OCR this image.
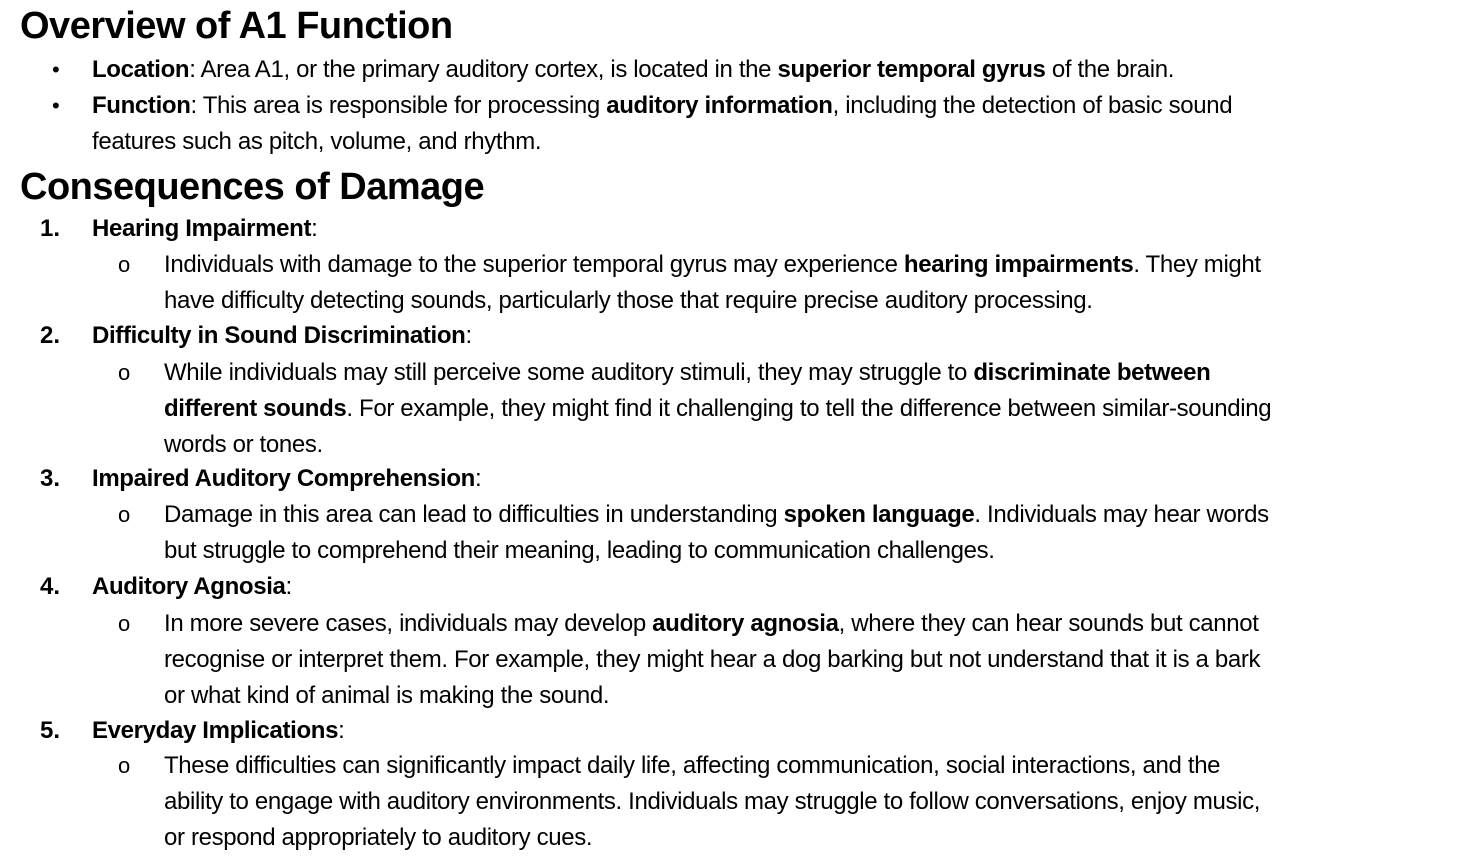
Overview of A1 Function
• Location: Area A1, or the primary auditory cortex, is located in the superior temporal gyrus of the brain.
• Function: This area is responsible for processing auditory information, including the detection of basic sound
features such as pitch, volume, and rhythm.
Consequences of Damage
1. Hearing Impairment:
o Individuals with damage to the superior temporal gyrus may experience hearing impairments. They might
have difficulty detecting sounds, particularly those that require precise auditory processing.
2. Difficulty in Sound Discrimination:
o While individuals may still perceive some auditory stimuli, they may struggle to discriminate between
different sounds. For example, they might find it challenging to tell the difference between similar-sounding
words or tones.
3. Impaired Auditory Comprehension:
o Damage in this area can lead to difficulties in understanding spoken language. Individuals may hear words
but struggle to comprehend their meaning, leading to communication challenges.
4. Auditory Agnosia:
o In more severe cases, individuals may develop auditory agnosia, where they can hear sounds but cannot
recognise or interpret them. For example, they might hear a dog barking but not understand that it is a bark
or what kind of animal is making the sound.
5. Everyday Implications:
o These difficulties can significantly impact daily life, affecting communication, social interactions, and the
ability to engage with auditory environments. Individuals may struggle to follow conversations, enjoy music,
or respond appropriately to auditory cues.
